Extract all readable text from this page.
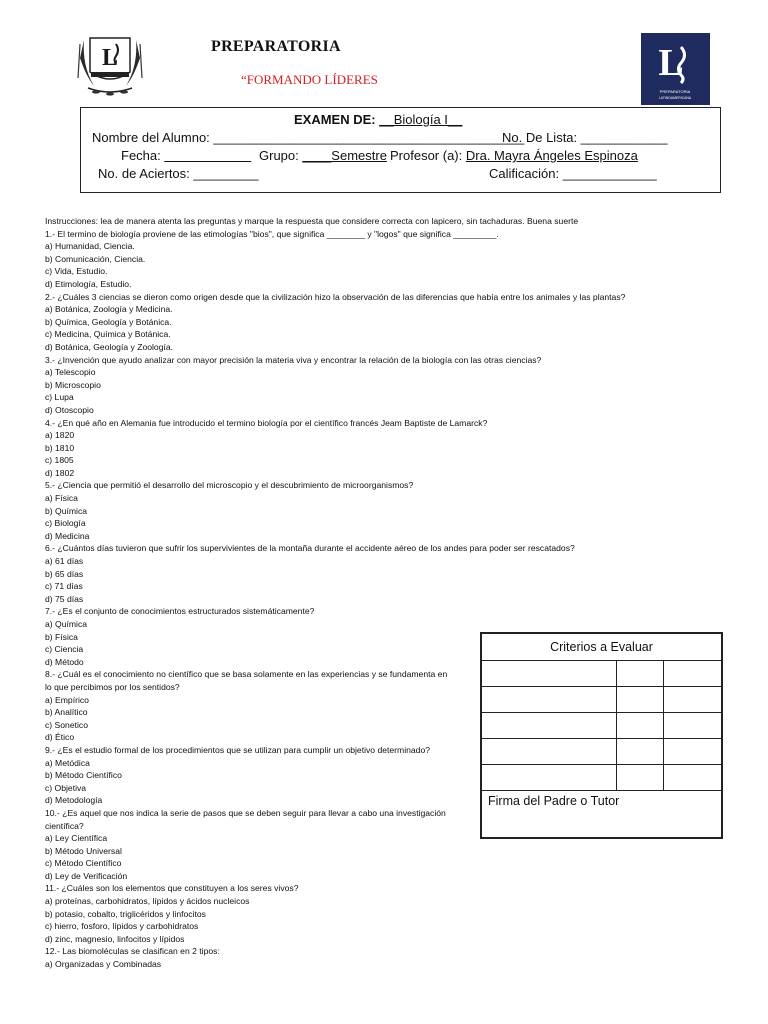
L	PREPARATORIA
“FORMANDO LÍDERES	L
PREPARATORIA
LATINOAMERICANA
EXAMEN DE: __Biología I__
Nombre del Alumno: ___________________________________________
No. De Lista: ____________
Fecha: ____________ Grupo: ____Semestre Profesor (a): Dra. Mayra Ángeles Espinoza
No. de Aciertos: _________	Calificación: _____________
Instrucciones: lea de manera atenta las preguntas y marque la respuesta que considere correcta con lapicero, sin tachaduras. Buena suerte
1.- El termino de biología proviene de las etimologías "bios", que significa ________ y "logos" que significa _________.
a) Humanidad, Ciencia.
b) Comunicación, Ciencia.
c) Vida, Estudio.
d) Etimología, Estudio.
2.- ¿Cuáles 3 ciencias se dieron como origen desde que la civilización hizo la observación de las diferencias que había entre los animales y las plantas?
a) Botánica, Zoología y Medicina.
b) Química, Geología y Botánica.
c) Medicina, Química y Botánica.
d) Botánica, Geología y Zoología.
3.- ¿Invención que ayudo analizar con mayor precisión la materia viva y encontrar la relación de la biología con las otras ciencias?
a) Telescopio
b) Microscopio
c) Lupa
d) Otoscopio
4.- ¿En qué año en Alemania fue introducido el termino biología por el científico francés Jeam Baptiste de Lamarck?
a) 1820
b) 1810
c) 1805
d) 1802
5.- ¿Ciencia que permitió el desarrollo del microscopio y el descubrimiento de microorganismos?
a) Física
b) Química
c) Biología
d) Medicina
6.- ¿Cuántos días tuvieron que sufrir los supervivientes de la montaña durante el accidente aéreo de los andes para poder ser rescatados?
a) 61 días
b) 65 días
c) 71 días
d) 75 días
7.- ¿Es el conjunto de conocimientos estructurados sistemáticamente?
a) Química
b) Física
c) Ciencia
d) Método
8.- ¿Cuál es el conocimiento no científico que se basa solamente en las experiencias y se fundamenta en
lo que percibimos por los sentidos?
a) Empírico
b) Analítico
c) Sonetico
d) Ético
9.- ¿Es el estudio formal de los procedimientos que se utilizan para cumplir un objetivo determinado?
a) Metódica
b) Método Científico
c) Objetiva
d) Metodología
10.- ¿Es aquel que nos indica la serie de pasos que se deben seguir para llevar a cabo una investigación
científica?
a) Ley Científica
b) Método Universal
c) Método Científico
d) Ley de Verificación
11.- ¿Cuáles son los elementos que constituyen a los seres vivos?
a) proteínas, carbohidratos, lípidos y ácidos nucleicos
b) potasio, cobalto, triglicéridos y linfocitos
c) hierro, fosforo, lípidos y carbohidratos
d) zinc, magnesio, linfocitos y lípidos
12.- Las biomoléculas se clasifican en 2 tipos:
a) Organizadas y Combinadas
Criterios a Evaluar		

Firma del Padre o Tutor		
